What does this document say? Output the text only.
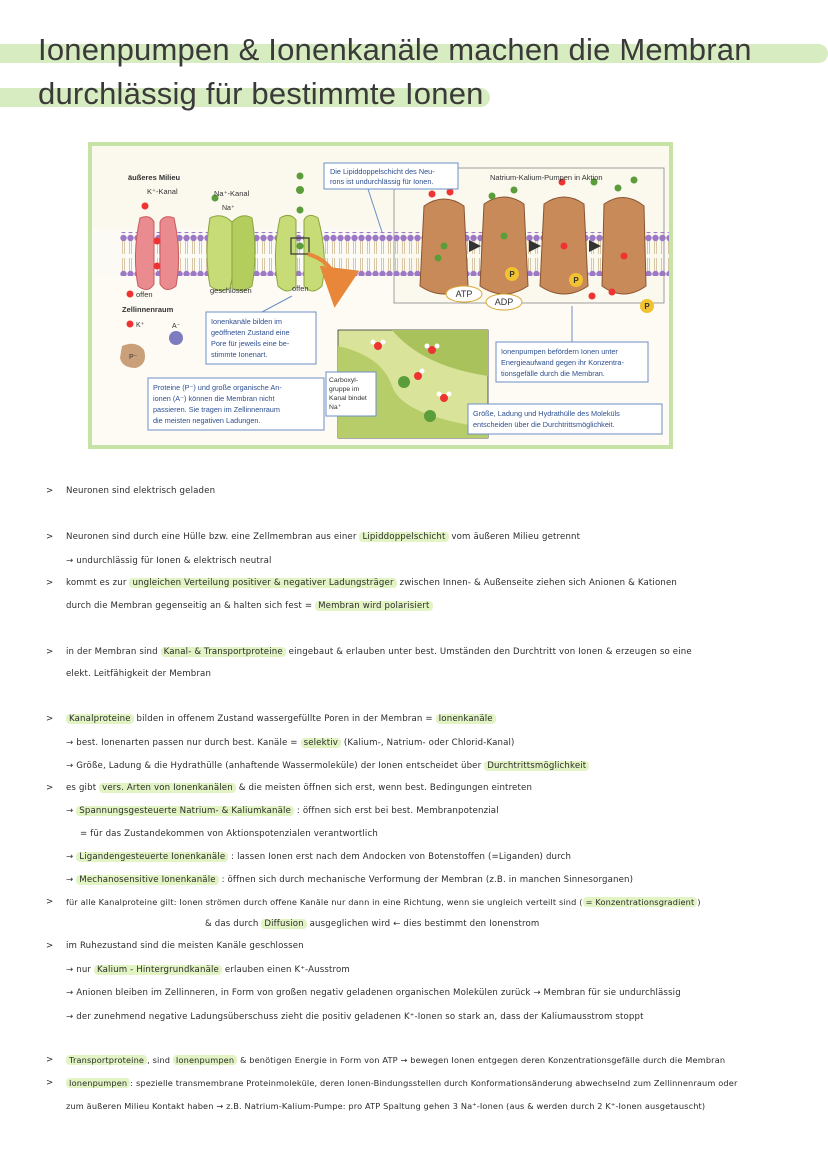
Ionenpumpen & Ionenkanäle machen die Membran
durchlässig für bestimmte Ionen
ATP
ADP
P
P
P
Natrium-Kalium-Pumpen in Aktion
äußeres Milieu
K⁺-Kanal	Na⁺-Kanal
Na⁺
offen	geschlossen	offen
Zellinnenraum
K⁺	A⁻
P⁻
Die Lipiddoppelschicht des Neu-
rons ist undurchlässig für Ionen.
Ionenkanäle bilden im
geöffneten Zustand eine
Pore für jeweils eine be-
stimmte Ionenart.
Proteine (P⁻) und große organische An-
ionen (A⁻) können die Membran nicht
passieren. Sie tragen im Zellinnenraum
die meisten negativen Ladungen.
Carboxyl-
gruppe im
Kanal bindet
Na⁺
Ionenpumpen befördern Ionen unter
Energieaufwand gegen ihr Konzentra-
tionsgefälle durch die Membran.
Größe, Ladung und Hydrathülle des Moleküls
entscheiden über die Durchtrittsmöglichkeit.
> Neuronen sind elektrisch geladen
> Neuronen sind durch eine Hülle bzw. eine Zellmembran aus einer Lipiddoppelschicht vom äußeren Milieu getrennt
→ undurchlässig für Ionen & elektrisch neutral
> kommt es zur ungleichen Verteilung positiver & negativer Ladungsträger zwischen Innen- & Außenseite ziehen sich Anionen & Kationen
durch die Membran gegenseitig an & halten sich fest = Membran wird polarisiert
> in der Membran sind Kanal- & Transportproteine eingebaut & erlauben unter best. Umständen den Durchtritt von Ionen & erzeugen so eine
elekt. Leitfähigkeit der Membran
>	Kanalproteine bilden in offenem Zustand wassergefüllte Poren in der Membran = Ionenkanäle
→ best. Ionenarten passen nur durch best. Kanäle = selektiv (Kalium-, Natrium- oder Chlorid-Kanal)
→ Größe, Ladung & die Hydrathülle (anhaftende Wassermoleküle) der Ionen entscheidet über Durchtrittsmöglichkeit
> es gibt vers. Arten von Ionenkanälen & die meisten öffnen sich erst, wenn best. Bedingungen eintreten
→ Spannungsgesteuerte Natrium- & Kaliumkanäle : öffnen sich erst bei best. Membranpotenzial
= für das Zustandekommen von Aktionspotenzialen verantwortlich
→ Ligandengesteuerte Ionenkanäle : lassen Ionen erst nach dem Andocken von Botenstoffen (=Liganden) durch
→ Mechanosensitive Ionenkanäle : öffnen sich durch mechanische Verformung der Membran (z.B. in manchen Sinnesorganen)
> für alle Kanalproteine gilt: Ionen strömen durch offene Kanäle nur dann in eine Richtung, wenn sie ungleich verteilt sind ( = Konzentrationsgradient )
& das durch Diffusion ausgeglichen wird ← dies bestimmt den Ionenstrom
> im Ruhezustand sind die meisten Kanäle geschlossen
→ nur Kalium - Hintergrundkanäle erlauben einen K⁺-Ausstrom
→ Anionen bleiben im Zellinneren, in Form von großen negativ geladenen organischen Molekülen zurück → Membran für sie undurchlässig
→ der zunehmend negative Ladungsüberschuss zieht die positiv geladenen K⁺-Ionen so stark an, dass der Kaliumausstrom stoppt
>	Transportproteine , sind Ionenpumpen & benötigen Energie in Form von ATP → bewegen Ionen entgegen deren Konzentrationsgefälle durch die Membran
>	Ionenpumpen : spezielle transmembrane Proteinmoleküle, deren Ionen-Bindungsstellen durch Konformationsänderung abwechselnd zum Zellinnenraum oder
zum äußeren Milieu Kontakt haben → z.B. Natrium-Kalium-Pumpe: pro ATP Spaltung gehen 3 Na⁺-Ionen (aus & werden durch 2 K⁺-Ionen ausgetauscht)
